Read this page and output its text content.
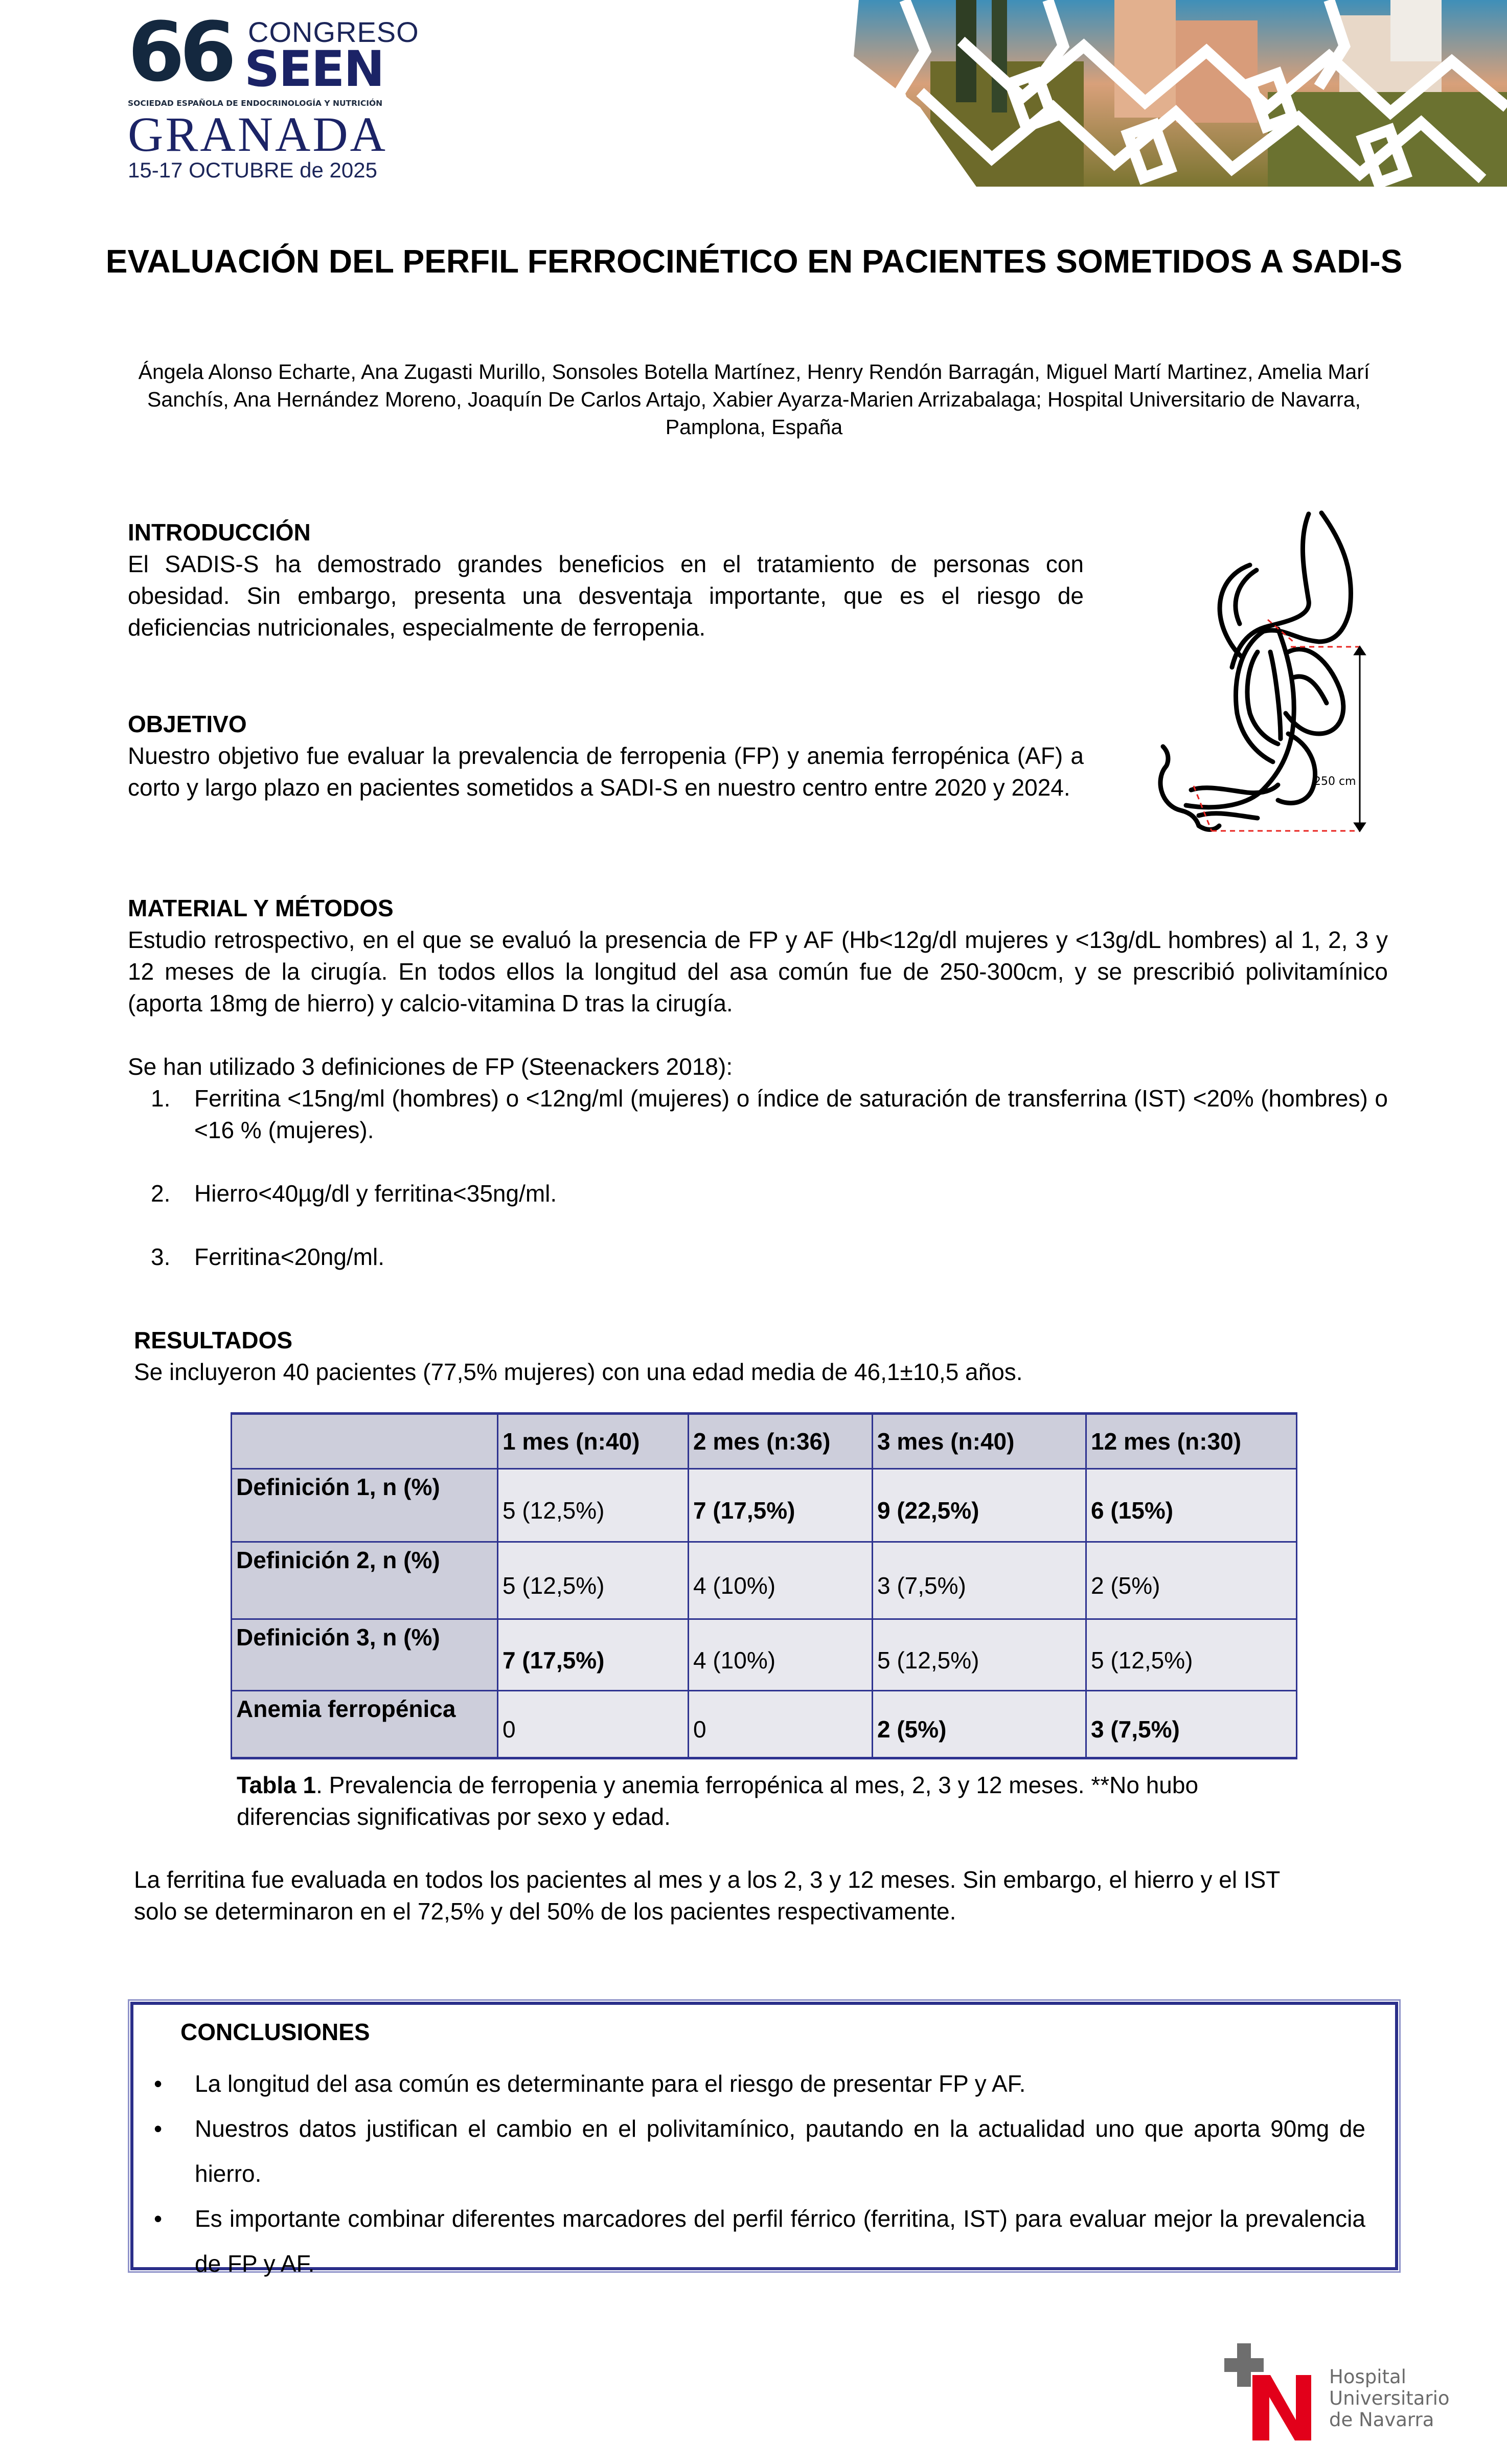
66 CONGRESO
SEEN
SOCIEDAD ESPAÑOLA DE ENDOCRINOLOGÍA Y NUTRICIÓN
GRANADA
15-17 OCTUBRE de 2025
EVALUACIÓN DEL PERFIL FERROCINÉTICO EN PACIENTES SOMETIDOS A SADI-S

Ángela Alonso Echarte, Ana Zugasti Murillo, Sonsoles Botella Martínez, Henry Rendón Barragán, Miguel Martí Martinez, Amelia Marí Sanchís, Ana Hernández Moreno, Joaquín De Carlos Artajo, Xabier Ayarza-Marien Arrizabalaga; Hospital Universitario de Navarra, Pamplona, España

INTRODUCCIÓN

El SADIS-S ha demostrado grandes beneficios en el tratamiento de personas con obesidad. Sin embargo, presenta una desventaja importante, que es el riesgo de deficiencias nutricionales, especialmente de ferropenia.

OBJETIVO

Nuestro objetivo fue evaluar la prevalencia de ferropenia (FP) y anemia ferropénica (AF) a corto y largo plazo en pacientes sometidos a SADI-S en nuestro centro entre 2020 y 2024.	250 cm
MATERIAL Y MÉTODOS

Estudio retrospectivo, en el que se evaluó la presencia de FP y AF (Hb<12g/dl mujeres y <13g/dL hombres) al 1, 2, 3 y 12 meses de la cirugía. En todos ellos la longitud del asa común fue de 250-300cm, y se prescribió polivitamínico (aporta 18mg de hierro) y calcio-vitamina D tras la cirugía.

Se han utilizado 3 definiciones de FP (Steenackers 2018):

1. Ferritina <15ng/ml (hombres) o <12ng/ml (mujeres) o índice de saturación de transferrina (IST) <20% (hombres) o <16 % (mujeres).
2. Hierro<40µg/dl y ferritina<35ng/ml.
3. Ferritina<20ng/ml.
RESULTADOS

Se incluyeron 40 pacientes (77,5% mujeres) con una edad media de 46,1±10,5 años.

	1 mes (n:40)	2 mes (n:36)	3 mes (n:40)	12 mes (n:30)
Definición 1, n (%)	5 (12,5%)	7 (17,5%)	9 (22,5%)	6 (15%)
Definición 2, n (%)	5 (12,5%)	4 (10%)	3 (7,5%)	2 (5%)
Definición 3, n (%)	7 (17,5%)	4 (10%)	5 (12,5%)	5 (12,5%)
Anemia ferropénica	0	0	2 (5%)	3 (7,5%)

Tabla 1. Prevalencia de ferropenia y anemia ferropénica al mes, 2, 3 y 12 meses. **No hubo diferencias significativas por sexo y edad.

La ferritina fue evaluada en todos los pacientes al mes y a los 2, 3 y 12 meses. Sin embargo, el hierro y el IST solo se determinaron en el 72,5% y del 50% de los pacientes respectivamente.

CONCLUSIONES
• La longitud del asa común es determinante para el riesgo de presentar FP y AF.
• Nuestros datos justifican el cambio en el polivitamínico, pautando en la actualidad uno que aporta 90mg de hierro.
• Es importante combinar diferentes marcadores del perfil férrico (ferritina, IST) para evaluar mejor la prevalencia de FP y AF.
Hospital
Universitario
de Navarra
